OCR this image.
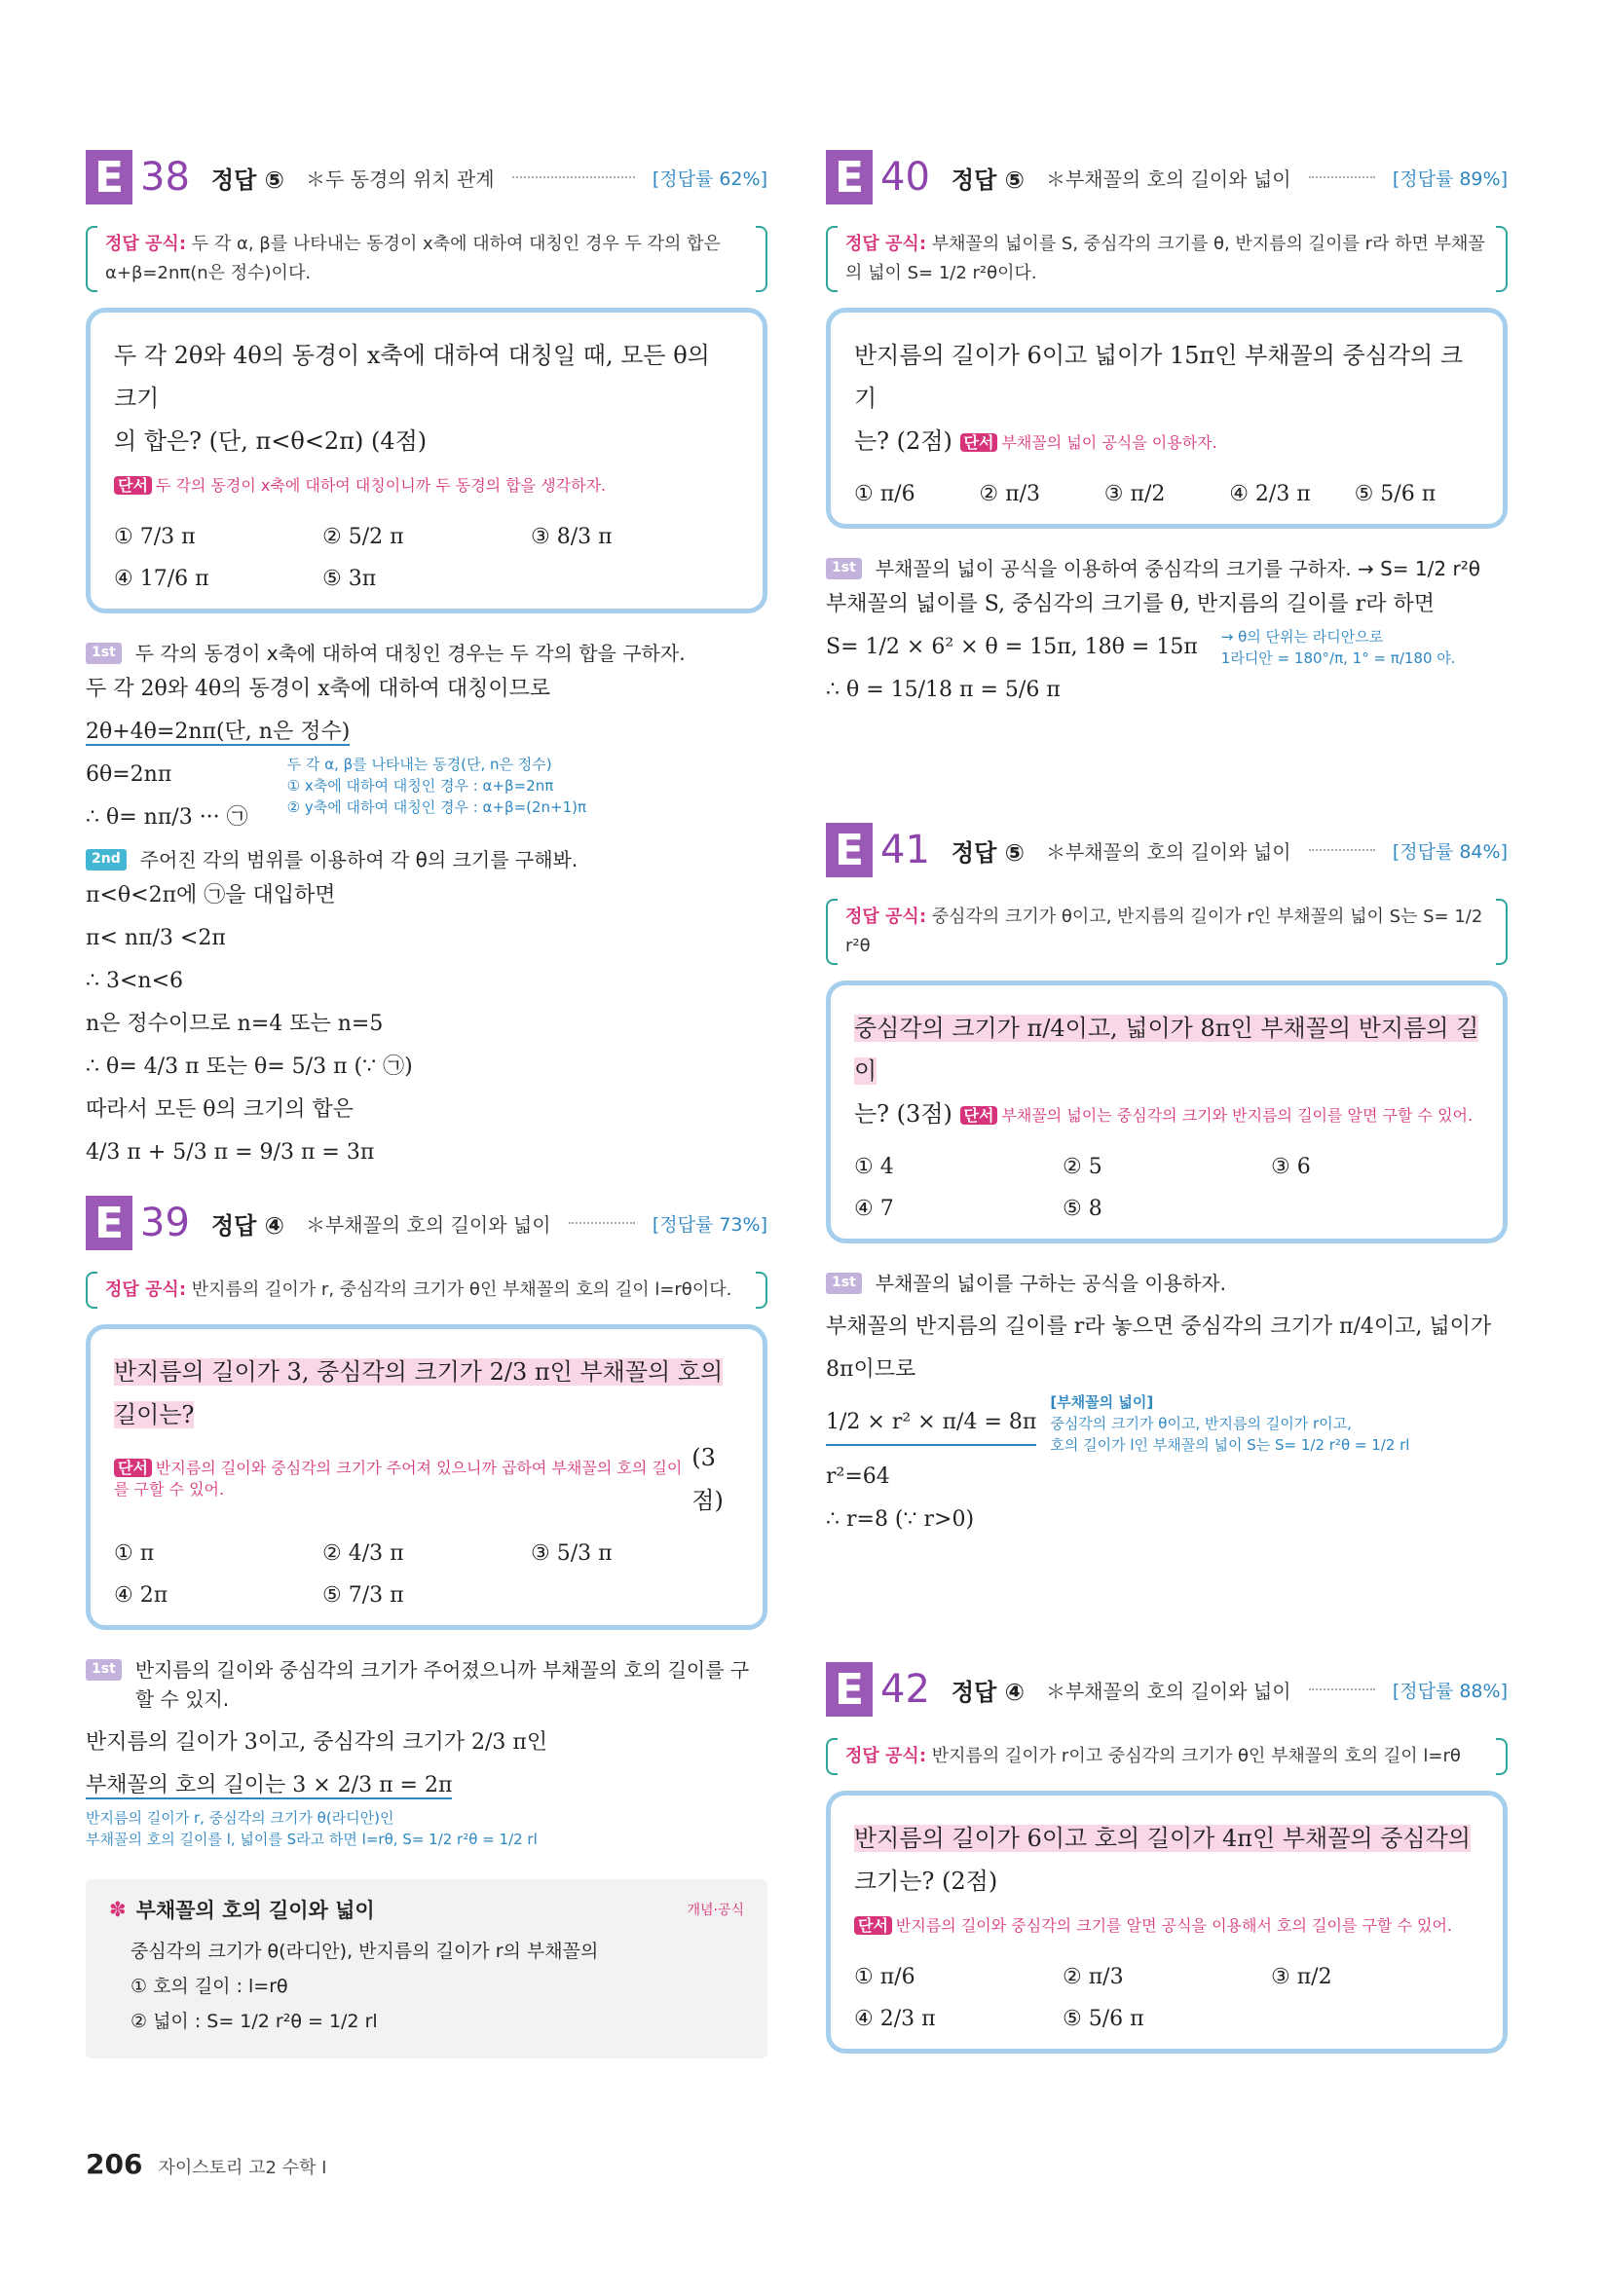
E 38 정답 ⑤ ＊두 동경의 위치 관계	[정답률 62%]
정답 공식: 두 각 α, β를 나타내는 동경이 x축에 대하여 대칭인 경우 두 각의 합은 α+β=2nπ(n은 정수)이다.
두 각 2θ와 4θ의 동경이 x축에 대하여 대칭일 때, 모든 θ의 크기
의 합은? (단, π<θ<2π) (4점) 단서 두 각의 동경이 x축에 대하여 대칭이니까 두 동경의 합을 생각하자.
① 7/3 π	② 5/2 π	③ 8/3 π
④ 17/6 π	⑤ 3π
1st	두 각의 동경이 x축에 대하여 대칭인 경우는 두 각의 합을 구하자.
두 각 2θ와 4θ의 동경이 x축에 대하여 대칭이므로
2θ+4θ=2nπ(단, n은 정수)
6θ=2nπ
∴ θ= nπ/3 ··· ㉠
두 각 α, β를 나타내는 동경(단, n은 정수)
① x축에 대하여 대칭인 경우 : α+β=2nπ
② y축에 대하여 대칭인 경우 : α+β=(2n+1)π
2nd	주어진 각의 범위를 이용하여 각 θ의 크기를 구해봐.
π<θ<2π에 ㉠을 대입하면
π< nπ/3 <2π
∴ 3<n<6
n은 정수이므로 n=4 또는 n=5
∴ θ= 4/3 π 또는 θ= 5/3 π (∵ ㉠)
따라서 모든 θ의 크기의 합은
4/3 π + 5/3 π = 9/3 π = 3π
E 39 정답 ④ ＊부채꼴의 호의 길이와 넓이	[정답률 73%]
정답 공식: 반지름의 길이가 r, 중심각의 크기가 θ인 부채꼴의 호의 길이 l=rθ이다.
반지름의 길이가 3, 중심각의 크기가 2/3 π인 부채꼴의 호의 길이는?
단서 반지름의 길이와 중심각의 크기가 주어져 있으니까 곱하여 부채꼴의 호의 길이를 구할 수 있어.
(3점)
① π	② 4/3 π	③ 5/3 π
④ 2π	⑤ 7/3 π
1st	반지름의 길이와 중심각의 크기가 주어졌으니까 부채꼴의 호의 길이를 구할 수 있지.
반지름의 길이가 3이고, 중심각의 크기가 2/3 π인
부채꼴의 호의 길이는 3 × 2/3 π = 2π
반지름의 길이가 r, 중심각의 크기가 θ(라디안)인
부채꼴의 호의 길이를 l, 넓이를 S라고 하면 l=rθ, S= 1/2 r²θ = 1/2 rl
✽ 부채꼴의 호의 길이와 넓이	개념·공식
중심각의 크기가 θ(라디안), 반지름의 길이가 r의 부채꼴의
① 호의 길이 : l=rθ
② 넓이 : S= 1/2 r²θ = 1/2 rl
E 40 정답 ⑤ ＊부채꼴의 호의 길이와 넓이	[정답률 89%]
정답 공식: 부채꼴의 넓이를 S, 중심각의 크기를 θ, 반지름의 길이를 r라 하면 부채꼴의 넓이 S= 1/2 r²θ이다.
반지름의 길이가 6이고 넓이가 15π인 부채꼴의 중심각의 크기
는? (2점) 단서 부채꼴의 넓이 공식을 이용하자.
① π/6	② π/3	③ π/2	④ 2/3 π	⑤ 5/6 π
1st	부채꼴의 넓이 공식을 이용하여 중심각의 크기를 구하자. → S= 1/2 r²θ
부채꼴의 넓이를 S, 중심각의 크기를 θ, 반지름의 길이를 r라 하면
S= 1/2 × 6² × θ = 15π, 18θ = 15π → θ의 단위는 라디안으로
1라디안 = 180°/π, 1° = π/180 야.
∴ θ = 15/18 π = 5/6 π
E 41 정답 ⑤ ＊부채꼴의 호의 길이와 넓이	[정답률 84%]
정답 공식: 중심각의 크기가 θ이고, 반지름의 길이가 r인 부채꼴의 넓이 S는 S= 1/2 r²θ
중심각의 크기가 π/4이고, 넓이가 8π인 부채꼴의 반지름의 길이
는? (3점) 단서 부채꼴의 넓이는 중심각의 크기와 반지름의 길이를 알면 구할 수 있어.
① 4	② 5	③ 6
④ 7	⑤ 8
1st	부채꼴의 넓이를 구하는 공식을 이용하자.
부채꼴의 반지름의 길이를 r라 놓으면 중심각의 크기가 π/4이고, 넓이가
8π이므로
1/2 × r² × π/4 = 8π
[부채꼴의 넓이]
중심각의 크기가 θ이고, 반지름의 길이가 r이고,
호의 길이가 l인 부채꼴의 넓이 S는 S= 1/2 r²θ = 1/2 rl
r²=64
∴ r=8 (∵ r>0)
E 42 정답 ④ ＊부채꼴의 호의 길이와 넓이	[정답률 88%]
정답 공식: 반지름의 길이가 r이고 중심각의 크기가 θ인 부채꼴의 호의 길이 l=rθ
반지름의 길이가 6이고 호의 길이가 4π인 부채꼴의 중심각의
크기는? (2점) 단서 반지름의 길이와 중심각의 크기를 알면 공식을 이용해서 호의 길이를 구할 수 있어.
① π/6	② π/3	③ π/2
④ 2/3 π	⑤ 5/6 π
206 자이스토리 고2 수학 I
